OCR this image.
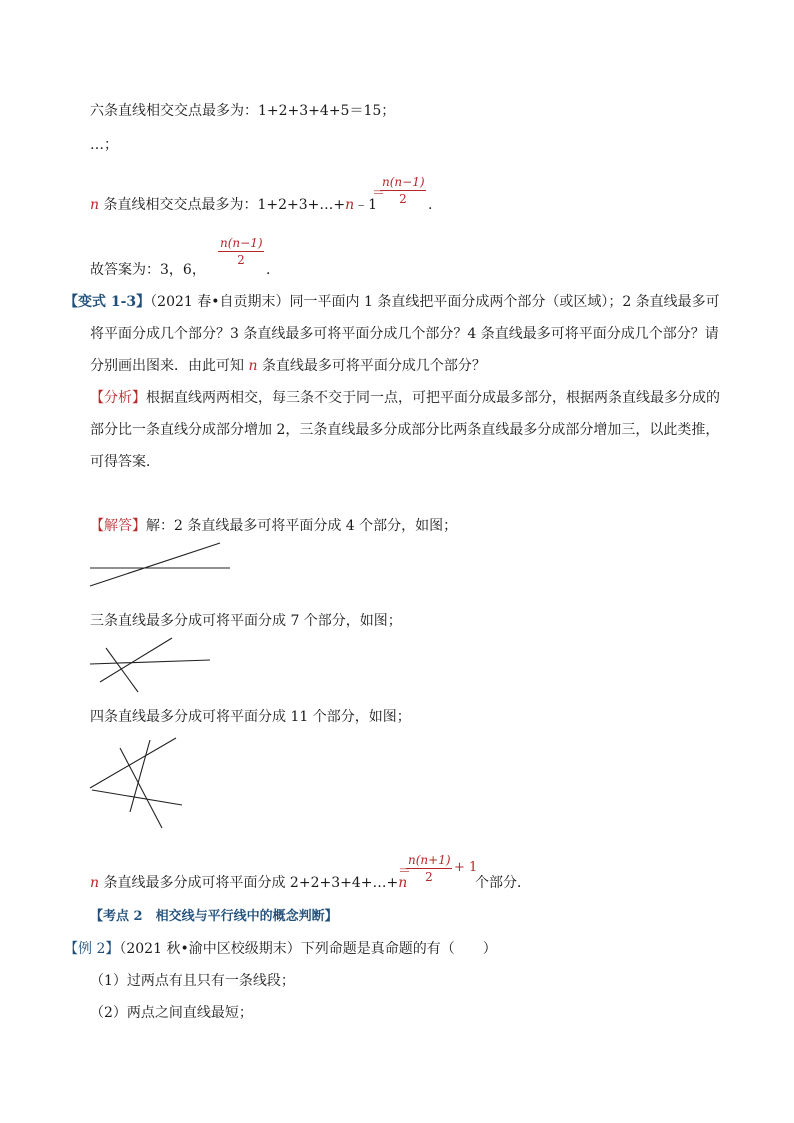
六条直线相交交点最多为：1+2+3+4+5＝15；
…；
n 条直线相交交点最多为：1+2+3+…+n﹣1
＝
n(n−1)
2	.
故答案为：3，6，
n(n−1)
2
.
【变式 1-3】（2021 春•自贡期末）同一平面内 1 条直线把平面分成两个部分（或区域）；2 条直线最多可
将平面分成几个部分？3 条直线最多可将平面分成几个部分？4 条直线最多可将平面分成几个部分？请
分别画出图来．由此可知 n 条直线最多可将平面分成几个部分？
【分析】根据直线两两相交，每三条不交于同一点，可把平面分成最多部分，根据两条直线最多分成的
部分比一条直线分成部分增加 2，三条直线最多分成部分比两条直线最多分成部分增加三，以此类推，
可得答案．
【解答】解：2 条直线最多可将平面分成 4 个部分，如图；
三条直线最多分成可将平面分成 7 个部分，如图；
四条直线最多分成可将平面分成 11 个部分，如图；
n 条直线最多分成可将平面分成 2+2+3+4+…+n
＝
n(n+1)
2
+ 1
个部分．
【考点 2　相交线与平行线中的概念判断】
【例 2】（2021 秋•渝中区校级期末）下列命题是真命题的有（　　）
（1）过两点有且只有一条线段；
（2）两点之间直线最短；
